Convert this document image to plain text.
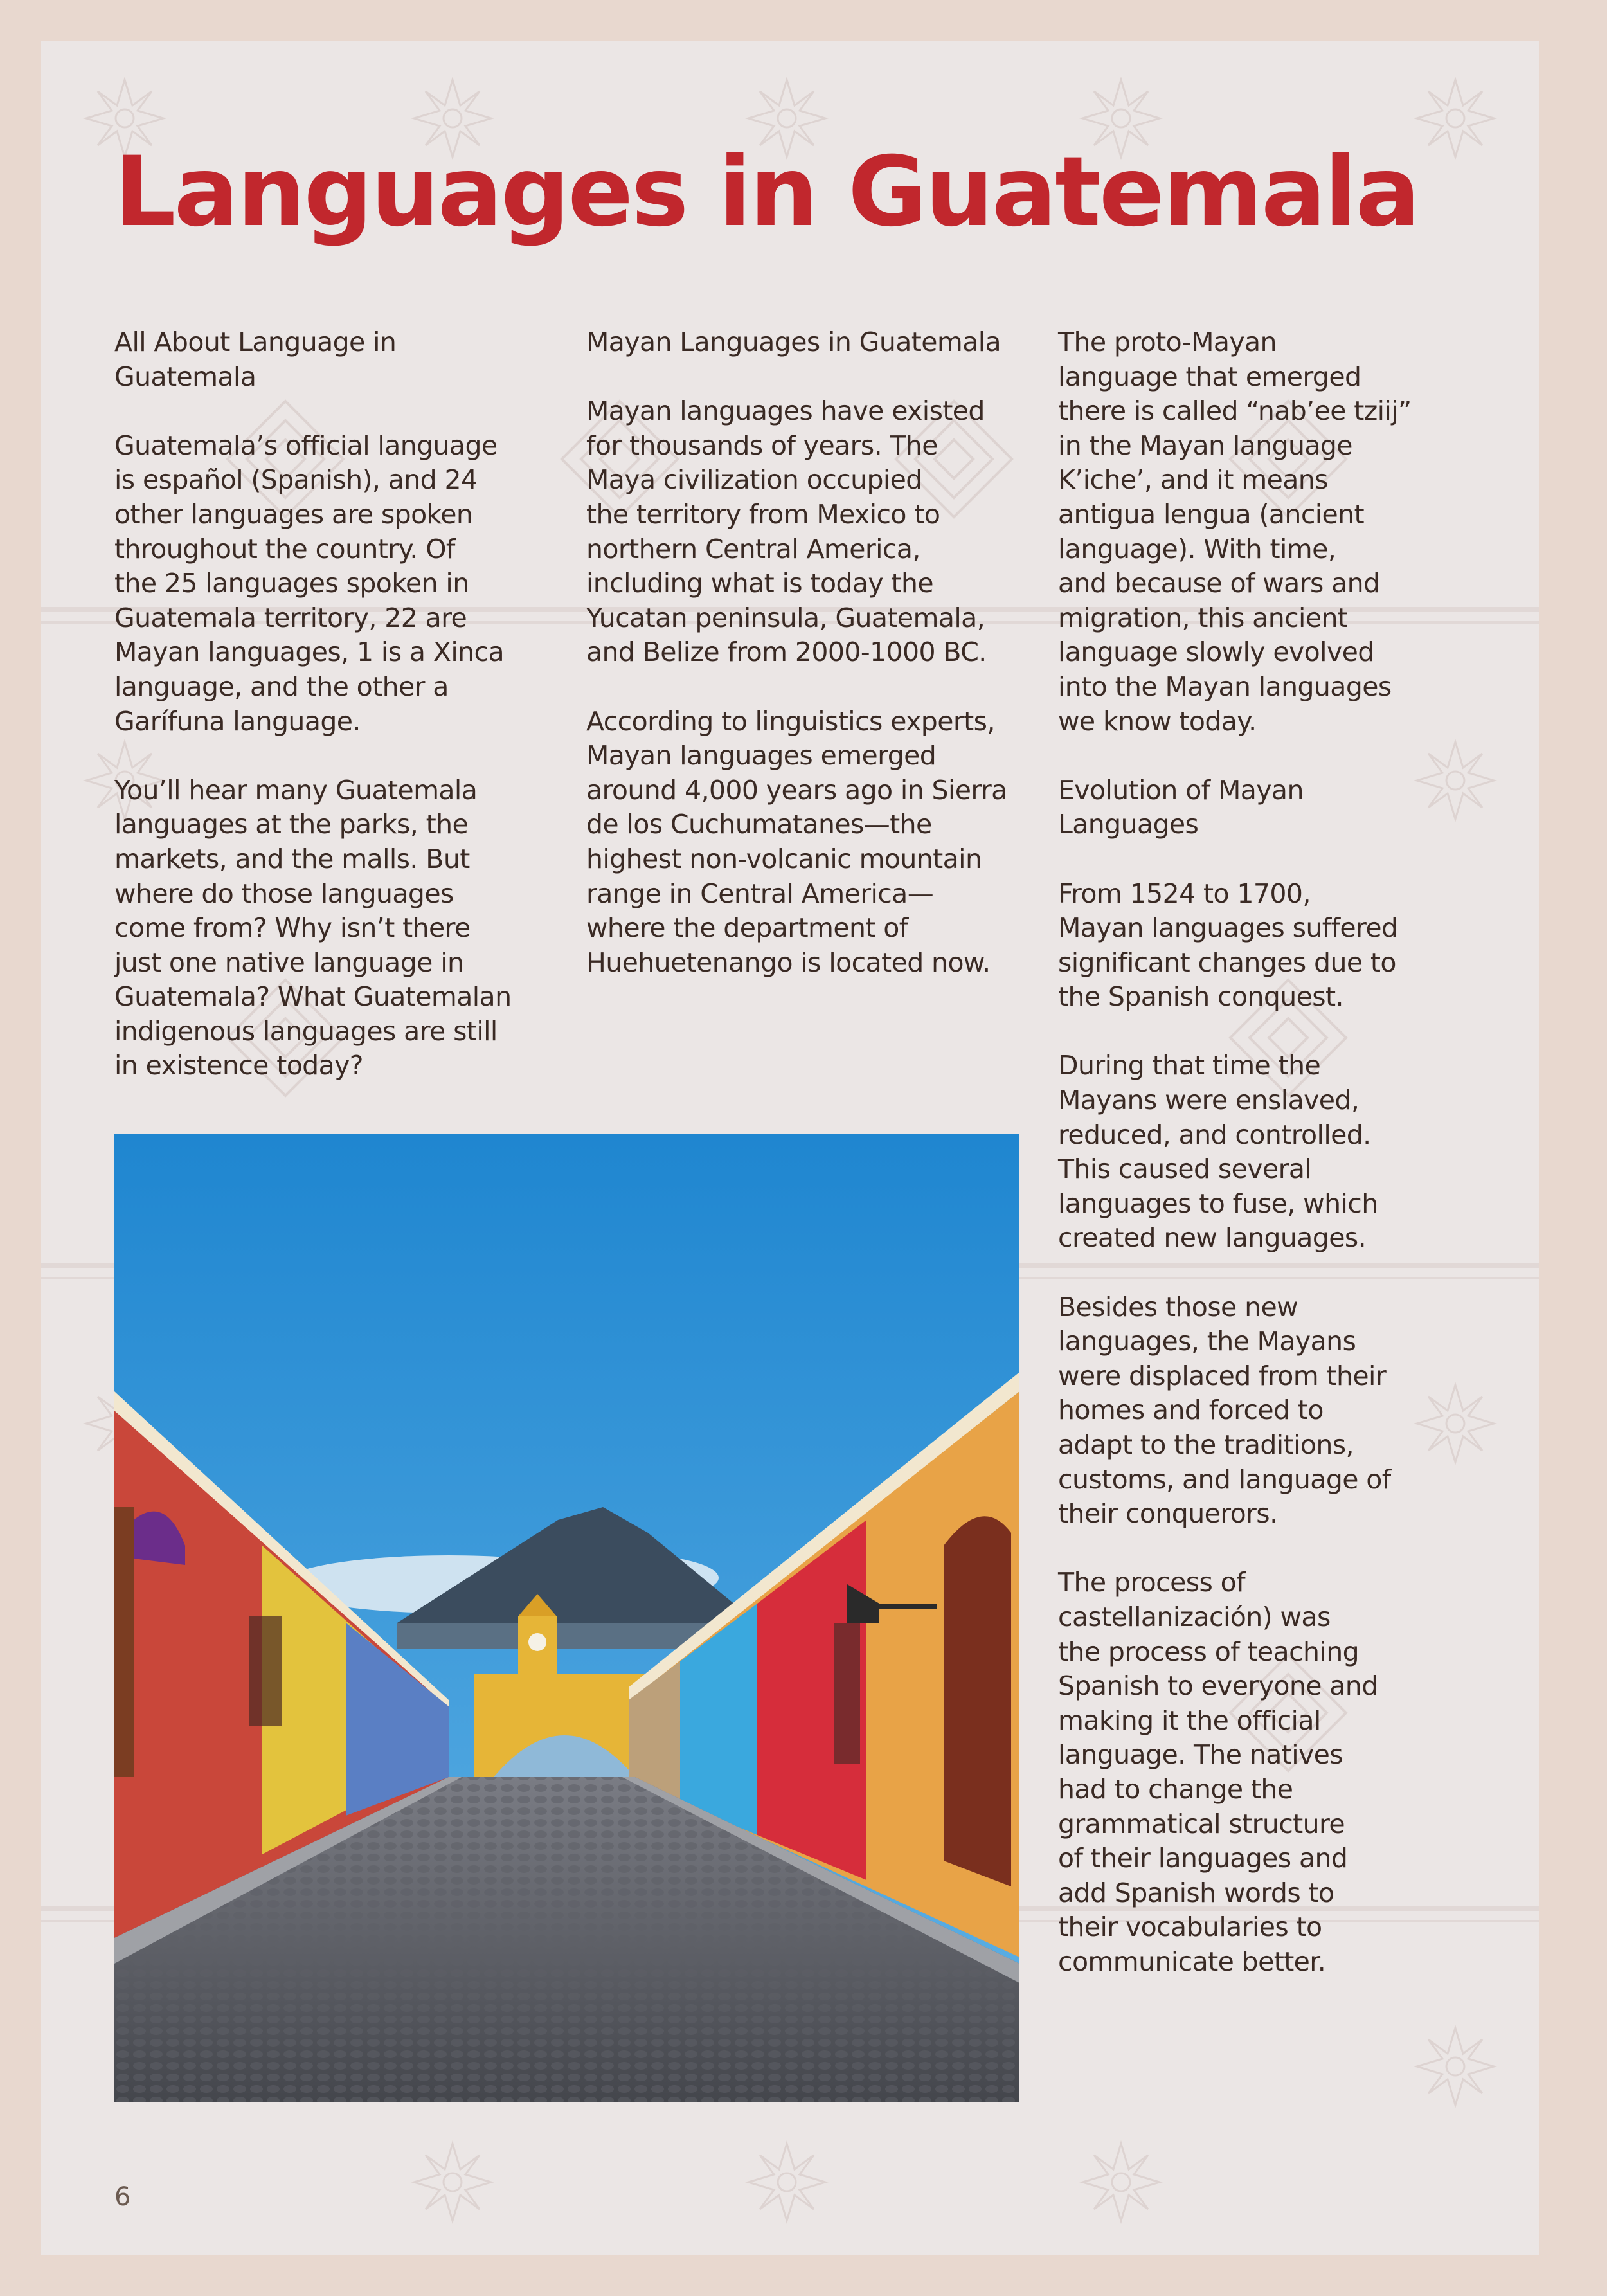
Languages in Guatemala

All About Language in
Guatemala

Guatemala’s official language
is español (Spanish), and 24
other languages are spoken
throughout the country. Of
the 25 languages spoken in
Guatemala territory, 22 are
Mayan languages, 1 is a Xinca
language, and the other a
Garífuna language.

You’ll hear many Guatemala
languages at the parks, the
markets, and the malls. But
where do those languages
come from? Why isn’t there
just one native language in
Guatemala? What Guatemalan
indigenous languages are still
in existence today?

Mayan Languages in Guatemala

Mayan languages have existed
for thousands of years. The
Maya civilization occupied
the territory from Mexico to
northern Central America,
including what is today the
Yucatan peninsula, Guatemala,
and Belize from 2000-1000 BC.

According to linguistics experts,
Mayan languages emerged
around 4,000 years ago in Sierra
de los Cuchumatanes—the
highest non-volcanic mountain
range in Central America—
where the department of
Huehuetenango is located now.

The proto-Mayan
language that emerged
there is called “nab’ee tziij”
in the Mayan language
K’iche’, and it means
antigua lengua (ancient
language). With time,
and because of wars and
migration, this ancient
language slowly evolved
into the Mayan languages
we know today.

Evolution of Mayan
Languages

From 1524 to 1700,
Mayan languages suffered
significant changes due to
the Spanish conquest.

During that time the
Mayans were enslaved,
reduced, and controlled.
This caused several
languages to fuse, which
created new languages.

Besides those new
languages, the Mayans
were displaced from their
homes and forced to
adapt to the traditions,
customs, and language of
their conquerors.

The process of
castellanización) was
the process of teaching
Spanish to everyone and
making it the official
language. The natives
had to change the
grammatical structure
of their languages and
add Spanish words to
their vocabularies to
communicate better.

6
